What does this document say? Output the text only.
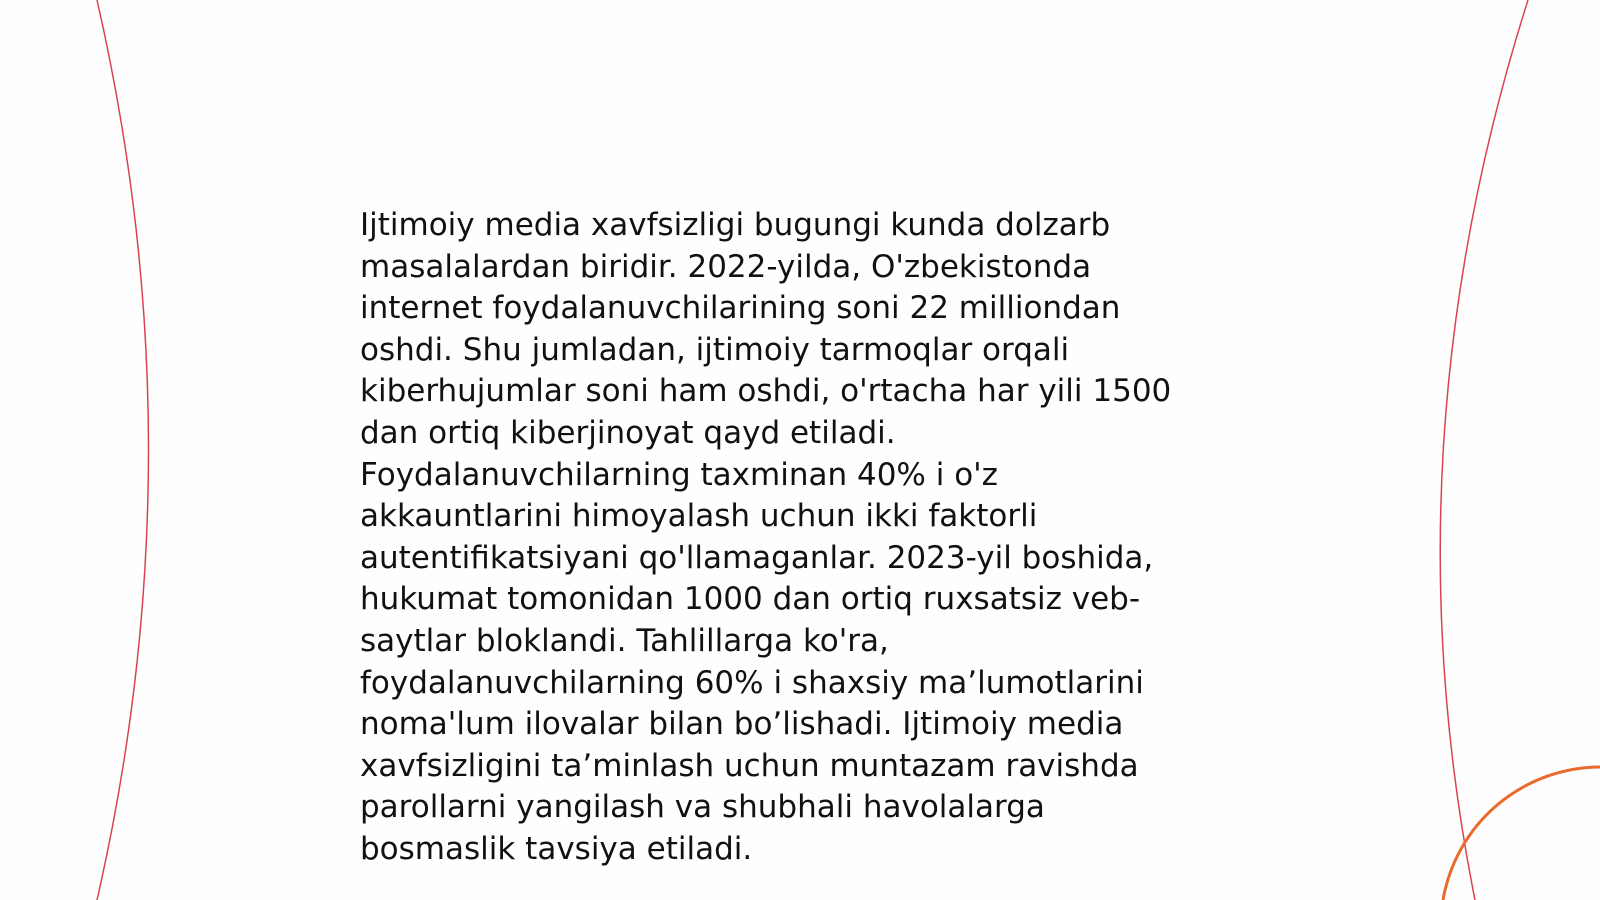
Ijtimoiy media xavfsizligi bugungi kunda dolzarb
masalalardan biridir. 2022-yilda, O'zbekistonda
internet foydalanuvchilarining soni 22 milliondan
oshdi. Shu jumladan, ijtimoiy tarmoqlar orqali
kiberhujumlar soni ham oshdi, o'rtacha har yili 1500
dan ortiq kiberjinoyat qayd etiladi.
Foydalanuvchilarning taxminan 40% i o'z
akkauntlarini himoyalash uchun ikki faktorli
autentifikatsiyani qo'llamaganlar. 2023-yil boshida,
hukumat tomonidan 1000 dan ortiq ruxsatsiz veb-
saytlar bloklandi. Tahlillarga ko'ra,
foydalanuvchilarning 60% i shaxsiy ma’lumotlarini
noma'lum ilovalar bilan bo’lishadi. Ijtimoiy media
xavfsizligini ta’minlash uchun muntazam ravishda
parollarni yangilash va shubhali havolalarga
bosmaslik tavsiya etiladi.
